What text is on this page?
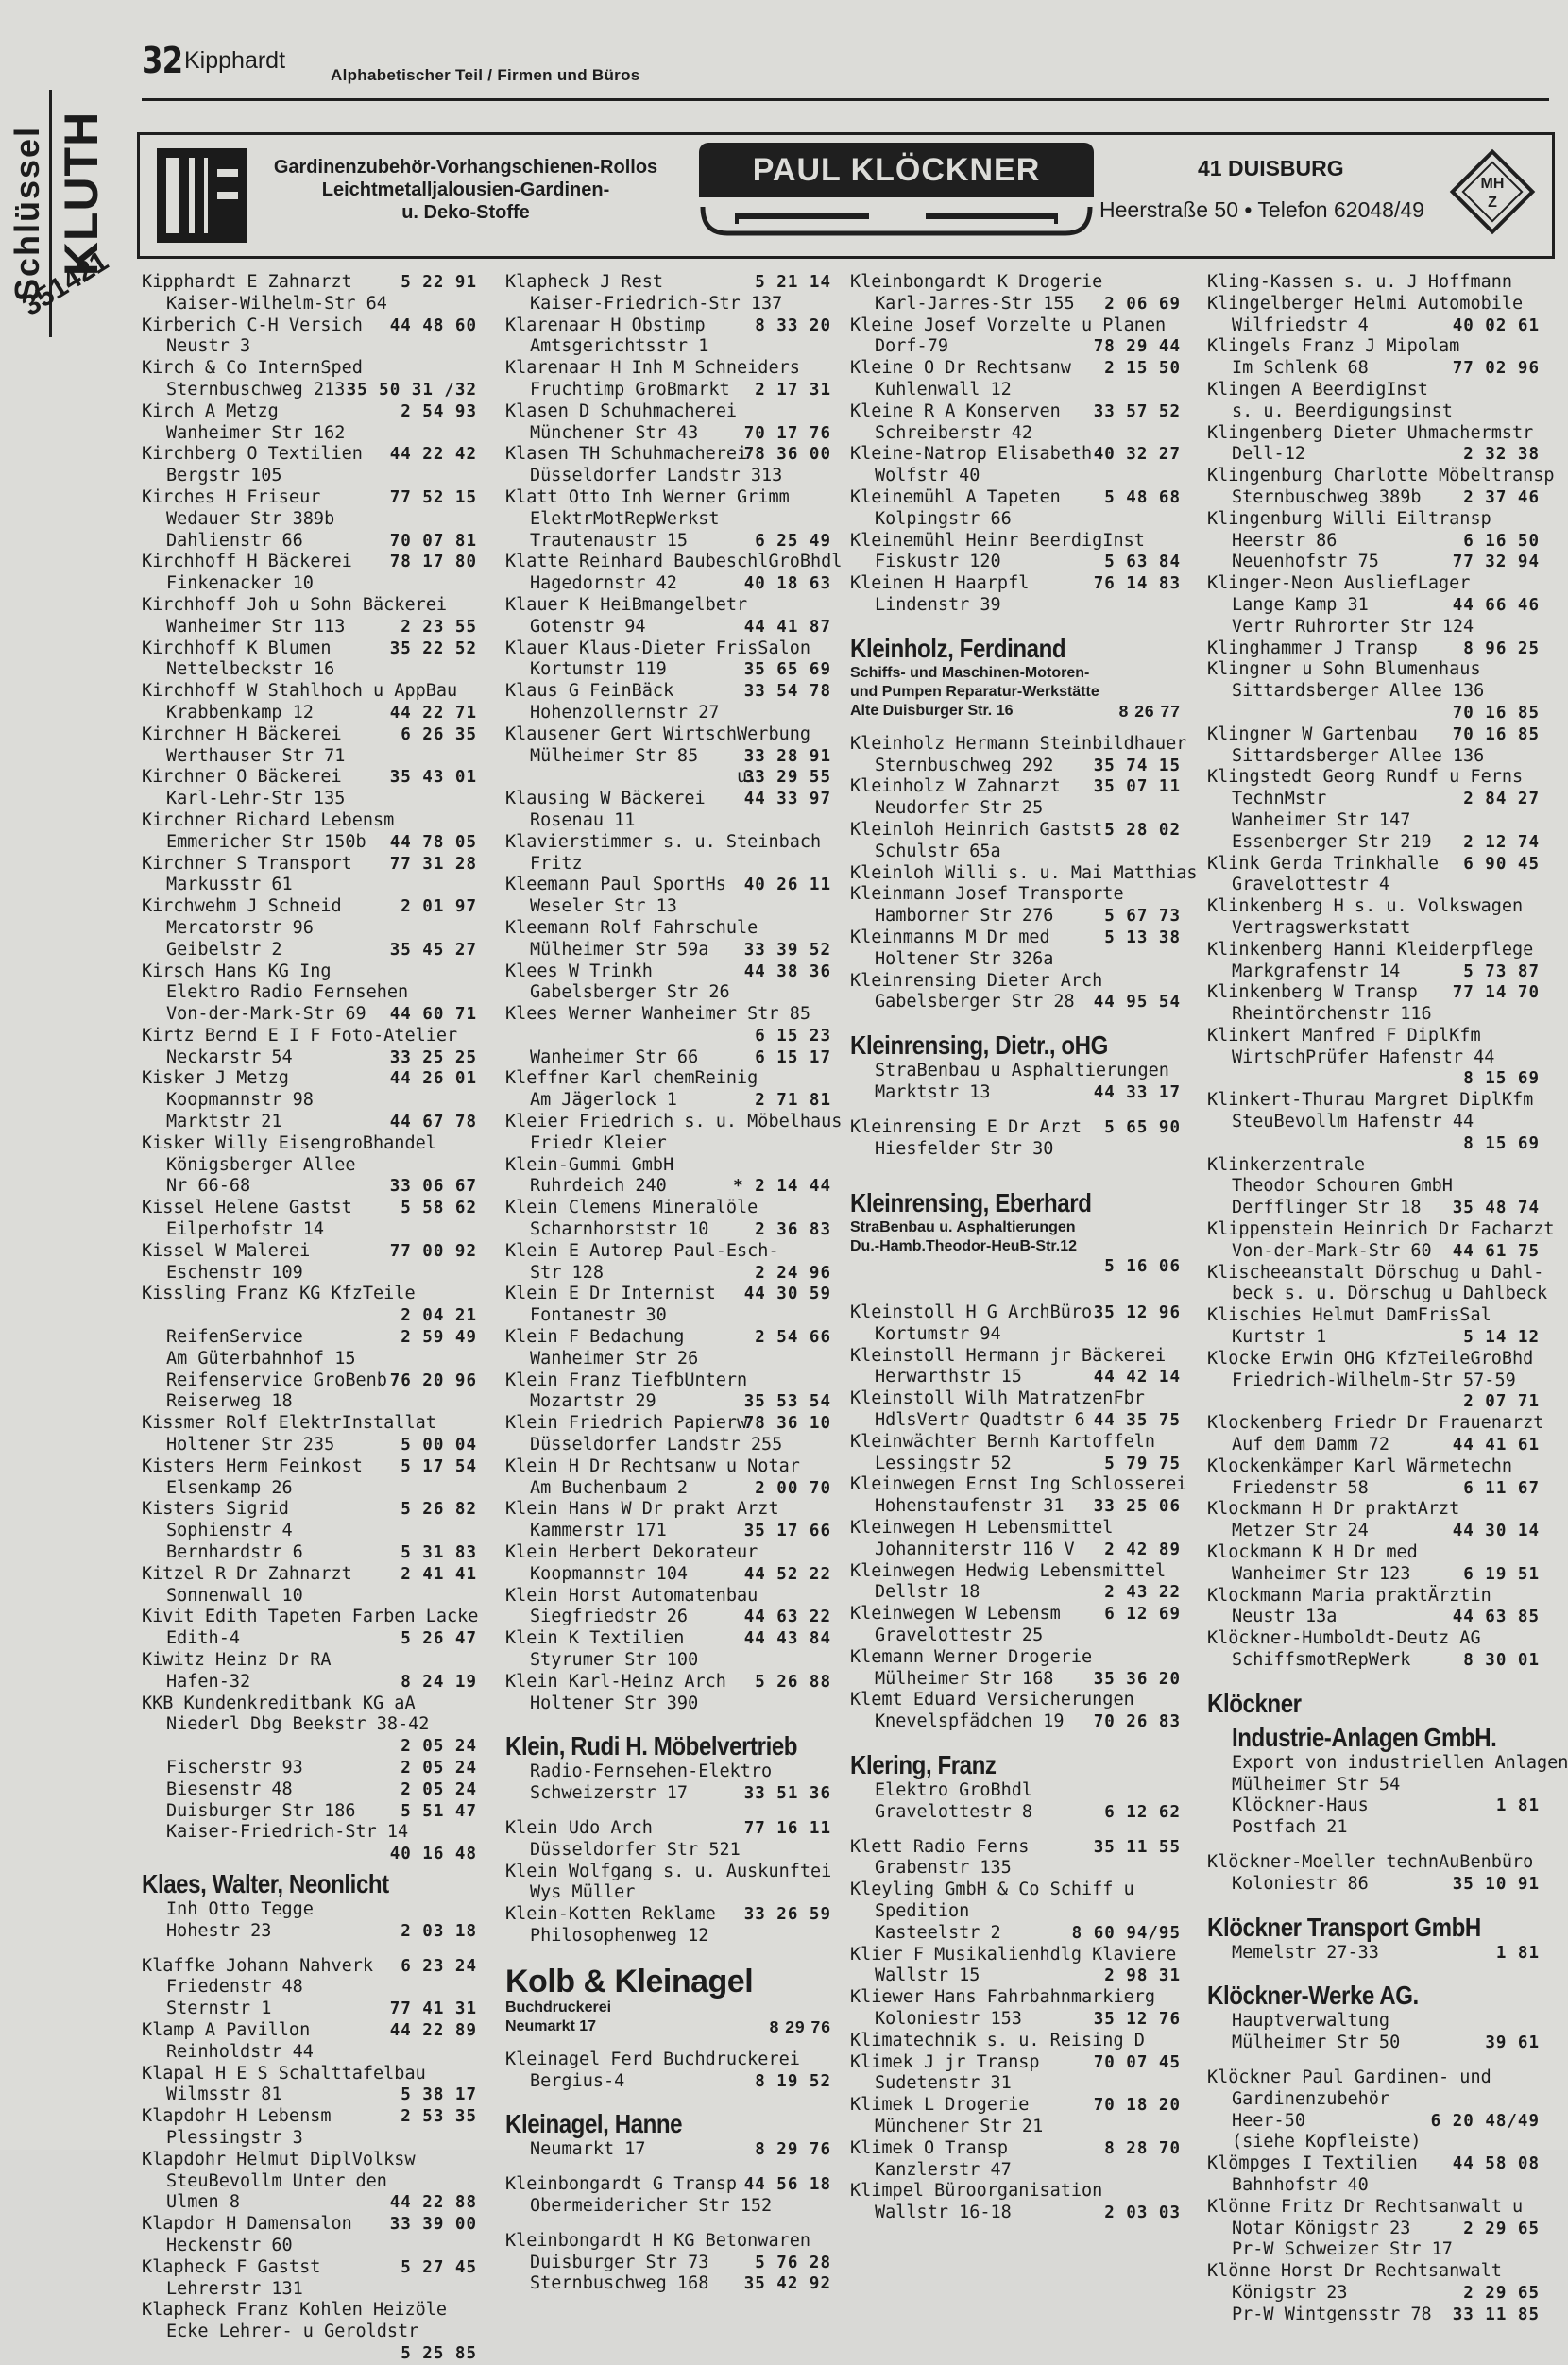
32 Kipphardt
Alphabetischer Teil / Firmen und Büros
Schlüssel KLUTH
351421
Gardinenzubehör-Vorhangschienen-Rollos
Leichtmetalljalousien-Gardinen-
u. Deko-Stoffe
PAUL KLÖCKNER	41 DUISBURG
Heerstraße 50 • Telefon 62048/49
MH
Z
Kipphardt E Zahnarzt	5 22 91
Kaiser-Wilhelm-Str 64
Kirberich C-H Versich 44 48 60
Neustr 3
Kirch & Co InternSped
Sternbuschweg 213 35 50 31 /32
Kirch A Metzg	2 54 93
Wanheimer Str 162
Kirchberg O Textilien 44 22 42
Bergstr 105
Kirches H Friseur	77 52 15
Wedauer Str 389b
Dahlienstr 66	70 07 81
Kirchhoff H Bäckerei 78 17 80
Finkenacker 10
Kirchhoff Joh u Sohn Bäckerei
Wanheimer Str 113	2 23 55
Kirchhoff K Blumen	35 22 52
Nettelbeckstr 16
Kirchhoff W Stahlhoch u AppBau
Krabbenkamp 12	44 22 71
Kirchner H Bäckerei	6 26 35
Werthauser Str 71
Kirchner O Bäckerei	35 43 01
Karl-Lehr-Str 135
Kirchner Richard Lebensm
Emmericher Str 150b 44 78 05
Kirchner S Transport 77 31 28
Markusstr 61
Kirchwehm J Schneid	2 01 97
Mercatorstr 96
Geibelstr 2	35 45 27
Kirsch Hans KG Ing
Elektro Radio Fernsehen
Von-der-Mark-Str 69 44 60 71
Kirtz Bernd E I F Foto-Atelier
Neckarstr 54	33 25 25
Kisker J Metzg	44 26 01
Koopmannstr 98
Marktstr 21	44 67 78
Kisker Willy EisengroBhandel
Königsberger Allee
Nr 66-68	33 06 67
Kissel Helene Gastst	5 58 62
Eilperhofstr 14
Kissel W Malerei	77 00 92
Eschenstr 109
Kissling Franz KG KfzTeile
2 04 21
ReifenService	2 59 49
Am Güterbahnhof 15
Reifenservice GroBenb 76 20 96
Reiserweg 18
Kissmer Rolf ElektrInstallat
Holtener Str 235	5 00 04
Kisters Herm Feinkost 5 17 54
Elsenkamp 26
Kisters Sigrid	5 26 82
Sophienstr 4
Bernhardstr 6	5 31 83
Kitzel R Dr Zahnarzt	2 41 41
Sonnenwall 10
Kivit Edith Tapeten Farben Lacke
Edith-4	5 26 47
Kiwitz Heinz Dr RA
Hafen-32	8 24 19
KKB Kundenkreditbank KG aA
Niederl Dbg Beekstr 38-42
2 05 24
Fischerstr 93	2 05 24
Biesenstr 48	2 05 24
Duisburger Str 186	5 51 47
Kaiser-Friedrich-Str 14
40 16 48
Klaes, Walter, Neonlicht
Inh Otto Tegge
Hohestr 23	2 03 18
Klaffke Johann Nahverk 6 23 24
Friedenstr 48
Sternstr 1	77 41 31
Klamp A Pavillon	44 22 89
Reinholdstr 44
Klapal H E S Schalttafelbau
Wilmsstr 81	5 38 17
Klapdohr H Lebensm	2 53 35
Plessingstr 3
Klapdohr Helmut DiplVolksw
SteuBevollm Unter den
Ulmen 8	44 22 88
Klapdor H Damensalon 33 39 00
Heckenstr 60
Klapheck F Gastst	5 27 45
Lehrerstr 131
Klapheck Franz Kohlen Heizöle
Ecke Lehrer- u Geroldstr
5 25 85
Klapheck J Rest	5 21 14
Kaiser-Friedrich-Str 137
Klarenaar H Obstimp	8 33 20
Amtsgerichtsstr 1
Klarenaar H Inh M Schneiders
Fruchtimp GroBmarkt 2 17 31
Klasen D Schuhmacherei
Münchener Str 43	70 17 76
Klasen TH Schuhmacherei
78 36 00
Düsseldorfer Landstr 313
Klatt Otto Inh Werner Grimm
ElektrMotRepWerkst
Trautenaustr 15	6 25 49
Klatte Reinhard BaubeschlGroBhdl
Hagedornstr 42	40 18 63
Klauer K HeiBmangelbetr
Gotenstr 94	44 41 87
Klauer Klaus-Dieter FrisSalon
Kortumstr 119	35 65 69
Klaus G FeinBäck	33 54 78
Hohenzollernstr 27
Klausener Gert WirtschWerbung
Mülheimer Str 85	33 28 91
u.
33 29 55
Klausing W Bäckerei 44 33 97
Rosenau 11
Klavierstimmer s. u. Steinbach
Fritz
Kleemann Paul SportHs 40 26 11
Weseler Str 13
Kleemann Rolf Fahrschule
Mülheimer Str 59a 33 39 52
Klees W Trinkh	44 38 36
Gabelsberger Str 26
Klees Werner Wanheimer Str 85
6 15 23
Wanheimer Str 66	6 15 17
Kleffner Karl chemReinig
Am Jägerlock 1	2 71 81
Kleier Friedrich s. u. Möbelhaus
Friedr Kleier
Klein-Gummi GmbH
Ruhrdeich 240	* 2 14 44
Klein Clemens Mineralöle
Scharnhorststr 10	2 36 83
Klein E Autorep Paul-Esch-
Str 128	2 24 96
Klein E Dr Internist 44 30 59
Fontanestr 30
Klein F Bedachung	2 54 66
Wanheimer Str 26
Klein Franz TiefbUntern
Mozartstr 29	35 53 54
Klein Friedrich Papierw
78 36 10
Düsseldorfer Landstr 255
Klein H Dr Rechtsanw u Notar
Am Buchenbaum 2	2 00 70
Klein Hans W Dr prakt Arzt
Kammerstr 171	35 17 66
Klein Herbert Dekorateur
Koopmannstr 104	44 52 22
Klein Horst Automatenbau
Siegfriedstr 26	44 63 22
Klein K Textilien	44 43 84
Styrumer Str 100
Klein Karl-Heinz Arch 5 26 88
Holtener Str 390
Klein, Rudi H. Möbelvertrieb
Radio-Fernsehen-Elektro
Schweizerstr 17	33 51 36
Klein Udo Arch	77 16 11
Düsseldorfer Str 521
Klein Wolfgang s. u. Auskunftei
Wys Müller
Klein-Kotten Reklame 33 26 59
Philosophenweg 12
Kolb & Kleinagel
Buchdruckerei
Neumarkt 17	8 29 76
Kleinagel Ferd Buchdruckerei
Bergius-4	8 19 52
Kleinagel, Hanne
Neumarkt 17	8 29 76
Kleinbongardt G Transp 44 56 18
Obermeidericher Str 152
Kleinbongardt H KG Betonwaren
Duisburger Str 73	5 76 28
Sternbuschweg 168 35 42 92
Kleinbongardt K Drogerie
Karl-Jarres-Str 155 2 06 69
Kleine Josef Vorzelte u Planen
Dorf-79	78 29 44
Kleine O Dr Rechtsanw 2 15 50
Kuhlenwall 12
Kleine R A Konserven 33 57 52
Schreiberstr 42
Kleine-Natrop Elisabeth 40 32 27
Wolfstr 40
Kleinemühl A Tapeten	5 48 68
Kolpingstr 66
Kleinemühl Heinr BeerdigInst
Fiskustr 120	5 63 84
Kleinen H Haarpfl	76 14 83
Lindenstr 39
Kleinholz, Ferdinand
Schiffs- und Maschinen-Motoren-
und Pumpen Reparatur-Werkstätte
Alte Duisburger Str. 16	8 26 77
Kleinholz Hermann Steinbildhauer
Sternbuschweg 292 35 74 15
Kleinholz W Zahnarzt 35 07 11
Neudorfer Str 25
Kleinloh Heinrich Gastst 5 28 02
Schulstr 65a
Kleinloh Willi s. u. Mai Matthias
Kleinmann Josef Transporte
Hamborner Str 276	5 67 73
Kleinmanns M Dr med	5 13 38
Holtener Str 326a
Kleinrensing Dieter Arch
Gabelsberger Str 28 44 95 54
Kleinrensing, Dietr., oHG
StraBenbau u Asphaltierungen
Marktstr 13	44 33 17
Kleinrensing E Dr Arzt 5 65 90
Hiesfelder Str 30
Kleinrensing, Eberhard
StraBenbau u. Asphaltierungen
Du.-Hamb.Theodor-HeuB-Str.12
5 16 06
Kleinstoll H G ArchBüro 35 12 96
Kortumstr 94
Kleinstoll Hermann jr Bäckerei
Herwarthstr 15	44 42 14
Kleinstoll Wilh MatratzenFbr
HdlsVertr Quadtstr 6 44 35 75
Kleinwächter Bernh Kartoffeln
Lessingstr 52	5 79 75
Kleinwegen Ernst Ing Schlosserei
Hohenstaufenstr 31 33 25 06
Kleinwegen H Lebensmittel
Johanniterstr 116 V 2 42 89
Kleinwegen Hedwig Lebensmittel
Dellstr 18	2 43 22
Kleinwegen W Lebensm	6 12 69
Gravelottestr 25
Klemann Werner Drogerie
Mülheimer Str 168 35 36 20
Klemt Eduard Versicherungen
Knevelspfädchen 19 70 26 83
Klering, Franz
Elektro GroBhdl
Gravelottestr 8	6 12 62
Klett Radio Ferns	35 11 55
Grabenstr 135
Kleyling GmbH & Co Schiff u
Spedition
Kasteelstr 2	8 60 94/95
Klier F Musikalienhdlg Klaviere
Wallstr 15	2 98 31
Kliewer Hans Fahrbahnmarkierg
Koloniestr 153	35 12 76
Klimatechnik s. u. Reising D
Klimek J jr Transp	70 07 45
Sudetenstr 31
Klimek L Drogerie	70 18 20
Münchener Str 21
Klimek O Transp	8 28 70
Kanzlerstr 47
Klimpel Büroorganisation
Wallstr 16-18	2 03 03
Kling-Kassen s. u. J Hoffmann
Klingelberger Helmi Automobile
Wilfriedstr 4	40 02 61
Klingels Franz J Mipolam
Im Schlenk 68	77 02 96
Klingen A BeerdigInst
s. u. Beerdigungsinst
Klingenberg Dieter Uhmachermstr
Dell-12	2 32 38
Klingenburg Charlotte Möbeltransp
Sternbuschweg 389b	2 37 46
Klingenburg Willi Eiltransp
Heerstr 86	6 16 50
Neuenhofstr 75	77 32 94
Klinger-Neon AusliefLager
Lange Kamp 31	44 66 46
Vertr Ruhrorter Str 124
Klinghammer J Transp	8 96 25
Klingner u Sohn Blumenhaus
Sittardsberger Allee 136
70 16 85
Klingner W Gartenbau 70 16 85
Sittardsberger Allee 136
Klingstedt Georg Rundf u Ferns
TechnMstr	2 84 27
Wanheimer Str 147
Essenberger Str 219 2 12 74
Klink Gerda Trinkhalle 6 90 45
Gravelottestr 4
Klinkenberg H s. u. Volkswagen
Vertragswerkstatt
Klinkenberg Hanni Kleiderpflege
Markgrafenstr 14	5 73 87
Klinkenberg W Transp 77 14 70
Rheintörchenstr 116
Klinkert Manfred F DiplKfm
WirtschPrüfer Hafenstr 44
8 15 69
Klinkert-Thurau Margret DiplKfm
SteuBevollm Hafenstr 44
8 15 69
Klinkerzentrale
Theodor Schouren GmbH
Derfflinger Str 18 35 48 74
Klippenstein Heinrich Dr Facharzt
Von-der-Mark-Str 60 44 61 75
Klischeeanstalt Dörschug u Dahl-
beck s. u. Dörschug u Dahlbeck
Klischies Helmut DamFrisSal
Kurtstr 1	5 14 12
Klocke Erwin OHG KfzTeileGroBhd
Friedrich-Wilhelm-Str 57-59
2 07 71
Klockenberg Friedr Dr Frauenarzt
Auf dem Damm 72	44 41 61
Klockenkämper Karl Wärmetechn
Friedenstr 58	6 11 67
Klockmann H Dr praktArzt
Metzer Str 24	44 30 14
Klockmann K H Dr med
Wanheimer Str 123	6 19 51
Klockmann Maria praktÄrztin
Neustr 13a	44 63 85
Klöckner-Humboldt-Deutz AG
SchiffsmotRepWerk	8 30 01
Klöckner
Industrie-Anlagen GmbH.
Export von industriellen Anlagen
Mülheimer Str 54
Klöckner-Haus	1 81
Postfach 21
Klöckner-Moeller technAuBenbüro
Koloniestr 86	35 10 91
Klöckner Transport GmbH
Memelstr 27-33	1 81
Klöckner-Werke AG.
Hauptverwaltung
Mülheimer Str 50	39 61
Klöckner Paul Gardinen- und
Gardinenzubehör
Heer-50	6 20 48/49
(siehe Kopfleiste)
Klömpges I Textilien 44 58 08
Bahnhofstr 40
Klönne Fritz Dr Rechtsanwalt u
Notar Königstr 23	2 29 65
Pr-W Schweizer Str 17
Klönne Horst Dr Rechtsanwalt
Königstr 23	2 29 65
Pr-W Wintgensstr 78 33 11 85
